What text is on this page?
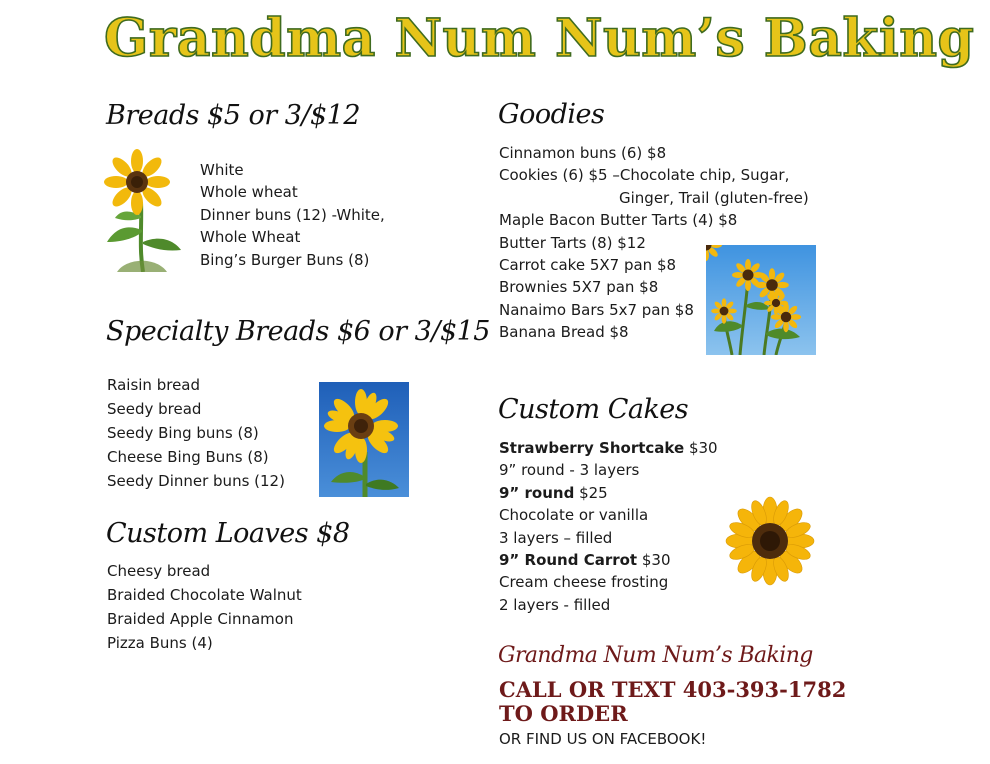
Grandma Num Num’s Baking
Breads $5 or 3/$12
White
Whole wheat
Dinner buns (12) -White,
Whole Wheat
Bing’s Burger Buns (8)
Specialty Breads $6 or 3/$15
Raisin bread
Seedy bread
Seedy Bing buns (8)
Cheese Bing Buns (8)
Seedy Dinner buns (12)
Custom Loaves $8
Cheesy bread
Braided Chocolate Walnut
Braided Apple Cinnamon
Pizza Buns (4)
Goodies
Cinnamon buns (6) $8
Cookies (6) $5 –Chocolate chip, Sugar,
Ginger, Trail (gluten-free)
Maple Bacon Butter Tarts (4) $8
Butter Tarts (8) $12
Carrot cake 5X7 pan $8
Brownies 5X7 pan $8
Nanaimo Bars 5x7 pan $8
Banana Bread $8
Custom Cakes
Strawberry Shortcake $30
9” round - 3 layers
9” round $25
Chocolate or vanilla
3 layers – filled
9” Round Carrot $30
Cream cheese frosting
2 layers - filled
Grandma Num Num’s Baking
CALL OR TEXT 403-393-1782
TO ORDER
OR FIND US ON FACEBOOK!
